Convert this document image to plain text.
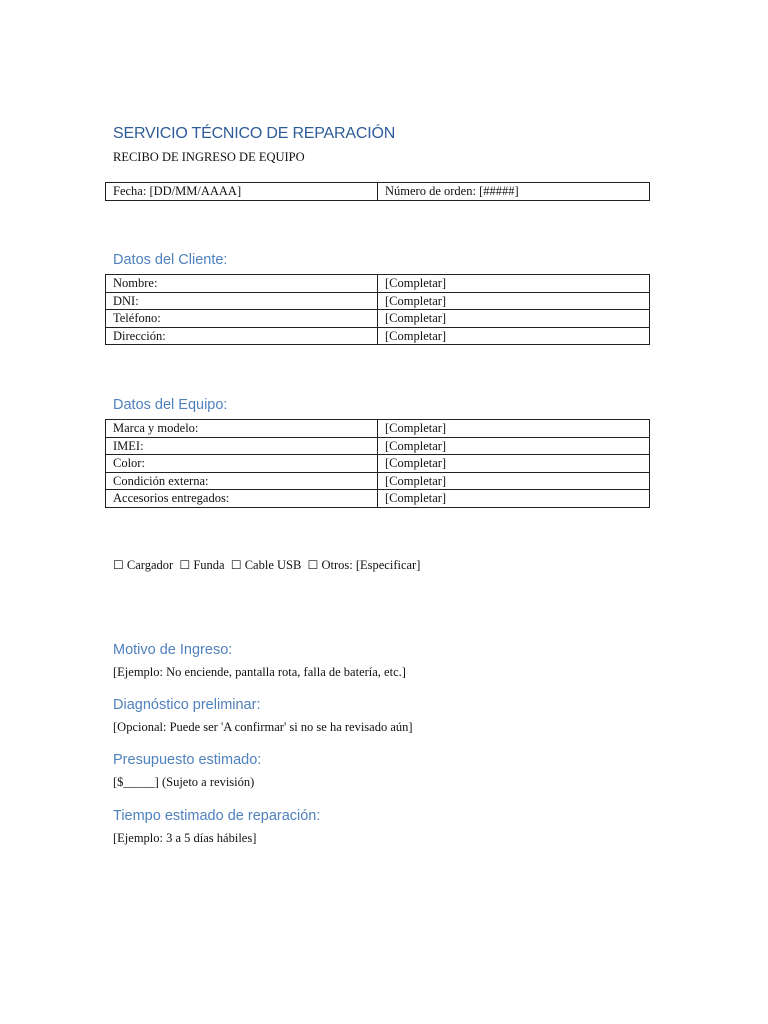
SERVICIO TÉCNICO DE REPARACIÓN
RECIBO DE INGRESO DE EQUIPO
Fecha: [DD/MM/AAAA]	Número de orden: [#####]
Datos del Cliente:
Nombre:	[Completar]
DNI:	[Completar]
Teléfono:	[Completar]
Dirección:	[Completar]
Datos del Equipo:
Marca y modelo:	[Completar]
IMEI:	[Completar]
Color:	[Completar]
Condición externa:	[Completar]
Accesorios entregados:	[Completar]
☐ Cargador ☐ Funda ☐ Cable USB ☐ Otros: [Especificar]
Motivo de Ingreso:
[Ejemplo: No enciende, pantalla rota, falla de batería, etc.]
Diagnóstico preliminar:
[Opcional: Puede ser 'A confirmar' si no se ha revisado aún]
Presupuesto estimado:
[$_____] (Sujeto a revisión)
Tiempo estimado de reparación:
[Ejemplo: 3 a 5 días hábiles]
